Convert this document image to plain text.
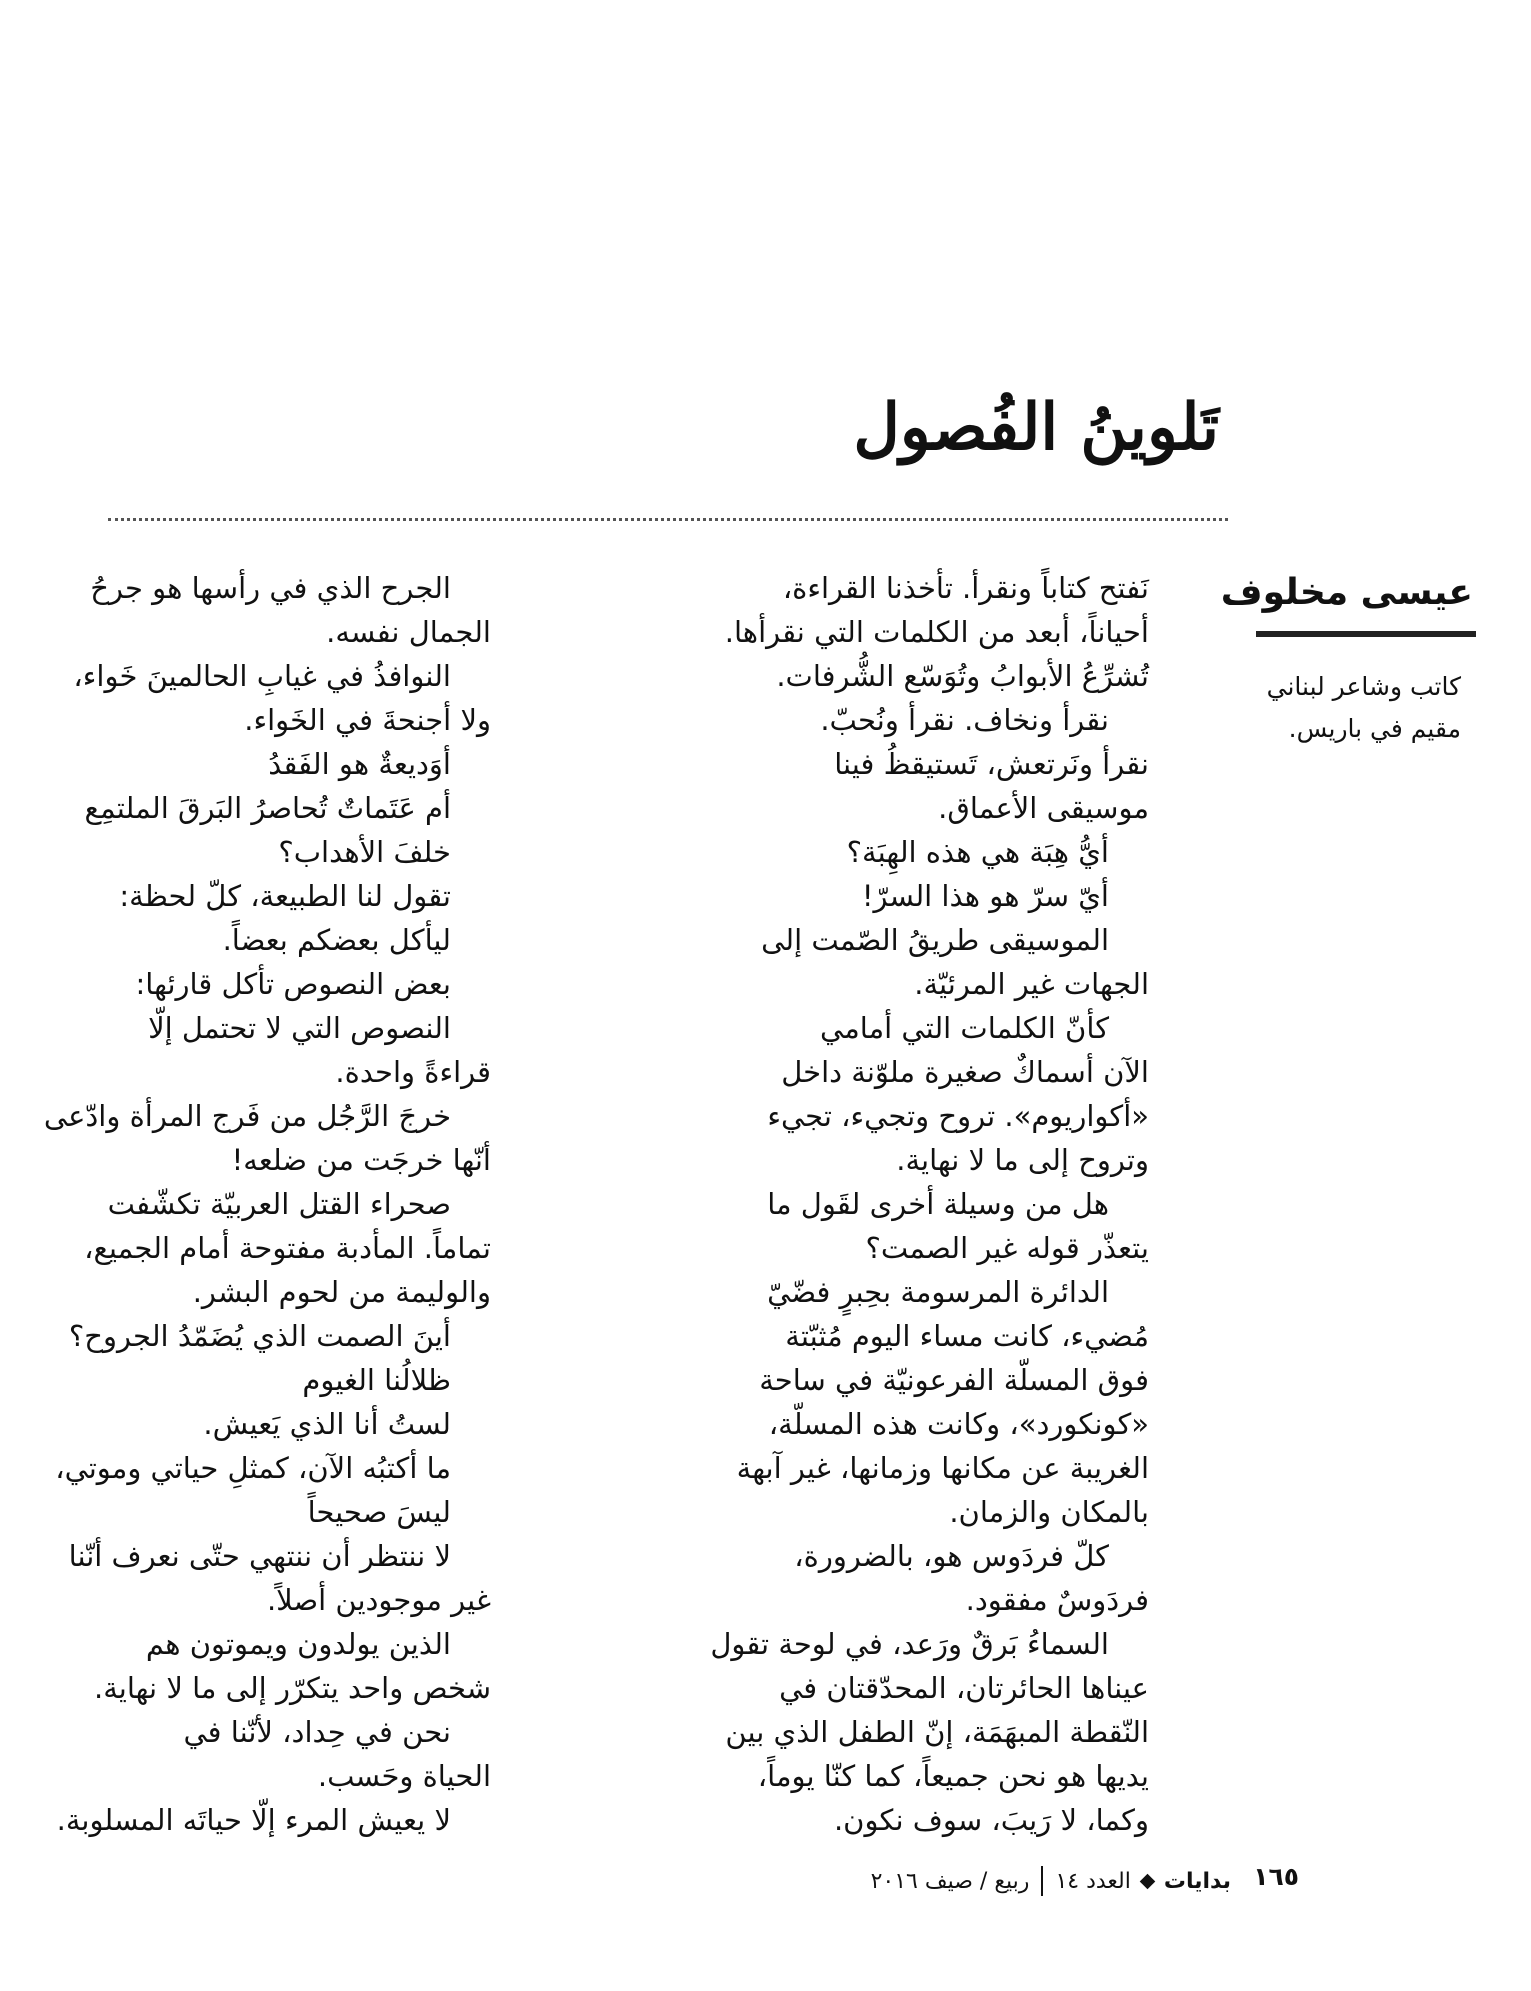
تَلوينُ الفُصول
عيسى مخلوف
كاتب وشاعر لبناني
مقيم في باريس.
نَفتح كتاباً ونقرأ. تأخذنا القراءة،
أحياناً، أبعد من الكلمات التي نقرأها.
تُشرِّعُ الأبوابُ وتُوَسّع الشُّرفات.
نقرأ ونخاف. نقرأ ونُحبّ.
نقرأ ونَرتعش، تَستيقظُ فينا
موسيقى الأعماق.
أيُّ هِبَة هي هذه الهِبَة؟
أيّ سرّ هو هذا السرّ!
الموسيقى طريقُ الصّمت إلى
الجهات غير المرئيّة.
كأنّ الكلمات التي أمامي
الآن أسماكٌ صغيرة ملوّنة داخل
«أكواريوم». تروح وتجيء، تجيء
وتروح إلى ما لا نهاية.
هل من وسيلة أخرى لقَول ما
يتعذّر قوله غير الصمت؟
الدائرة المرسومة بحِبرٍ فضّيّ
مُضيء، كانت مساء اليوم مُثبّتة
فوق المسلّة الفرعونيّة في ساحة
«كونكورد»، وكانت هذه المسلّة،
الغريبة عن مكانها وزمانها، غير آبهة
بالمكان والزمان.
كلّ فردَوس هو، بالضرورة،
فردَوسٌ مفقود.
السماءُ بَرقٌ ورَعد، في لوحة تقول
عيناها الحائرتان، المحدّقتان في
النّقطة المبهَمَة، إنّ الطفل الذي بين
يديها هو نحن جميعاً، كما كنّا يوماً،
وكما، لا رَيبَ، سوف نكون.
الجرح الذي في رأسها هو جرحُ
الجمال نفسه.
النوافذُ في غيابِ الحالمينَ خَواء،
ولا أجنحةَ في الخَواء.
أوَديعةٌ هو الفَقدُ
أم عَتَماتٌ تُحاصرُ البَرقَ الملتمِع
خلفَ الأهداب؟
تقول لنا الطبيعة، كلّ لحظة:
ليأكل بعضكم بعضاً.
بعض النصوص تأكل قارئها:
النصوص التي لا تحتمل إلّا
قراءةً واحدة.
خرجَ الرَّجُل من فَرج المرأة وادّعى
أنّها خرجَت من ضلعه!
صحراء القتل العربيّة تكشّفت
تماماً. المأدبة مفتوحة أمام الجميع،
والوليمة من لحوم البشر.
أينَ الصمت الذي يُضَمّدُ الجروح؟
ظلالُنا الغيوم
لستُ أنا الذي يَعيش.
ما أكتبُه الآن، كمثلِ حياتي وموتي،
ليسَ صحيحاً
لا ننتظر أن ننتهي حتّى نعرف أنّنا
غير موجودين أصلاً.
الذين يولدون ويموتون هم
شخص واحد يتكرّر إلى ما لا نهاية.
نحن في حِداد، لأنّنا في
الحياة وحَسب.
لا يعيش المرء إلّا حياتَه المسلوبة.
١٦٥
بدايات
العدد ١٤
ربيع / صيف ٢٠١٦
